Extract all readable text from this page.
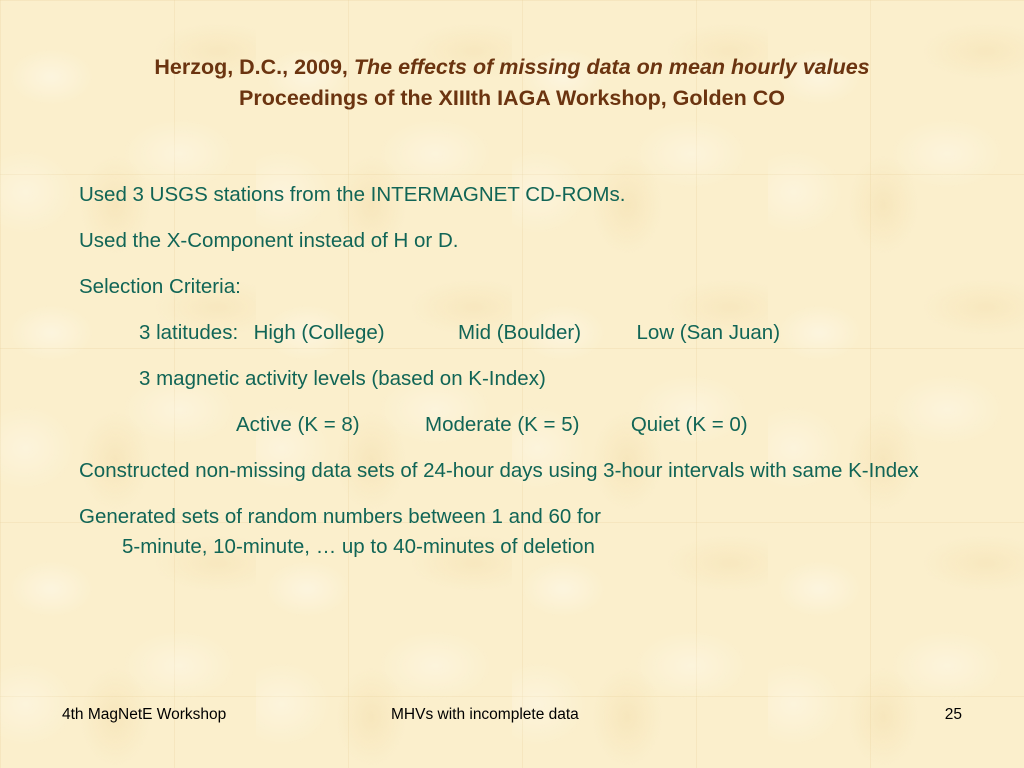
Herzog, D.C., 2009, The effects of missing data on mean hourly values
Proceedings of the XIIIth IAGA Workshop, Golden CO
Used 3 USGS stations from the INTERMAGNET CD-ROMs.
Used the X-Component instead of H or D.
Selection Criteria:
3 latitudes: High (College)	Mid (Boulder)	Low (San Juan)
3 magnetic activity levels (based on K-Index)
Active (K = 8)	Moderate (K = 5)	Quiet (K = 0)
Constructed non-missing data sets of 24-hour days using 3-hour intervals with same K-Index
Generated sets of random numbers between 1 and 60 for
5-minute, 10-minute, … up to 40-minutes of deletion
4th MagNetE Workshop	MHVs with incomplete data	25
